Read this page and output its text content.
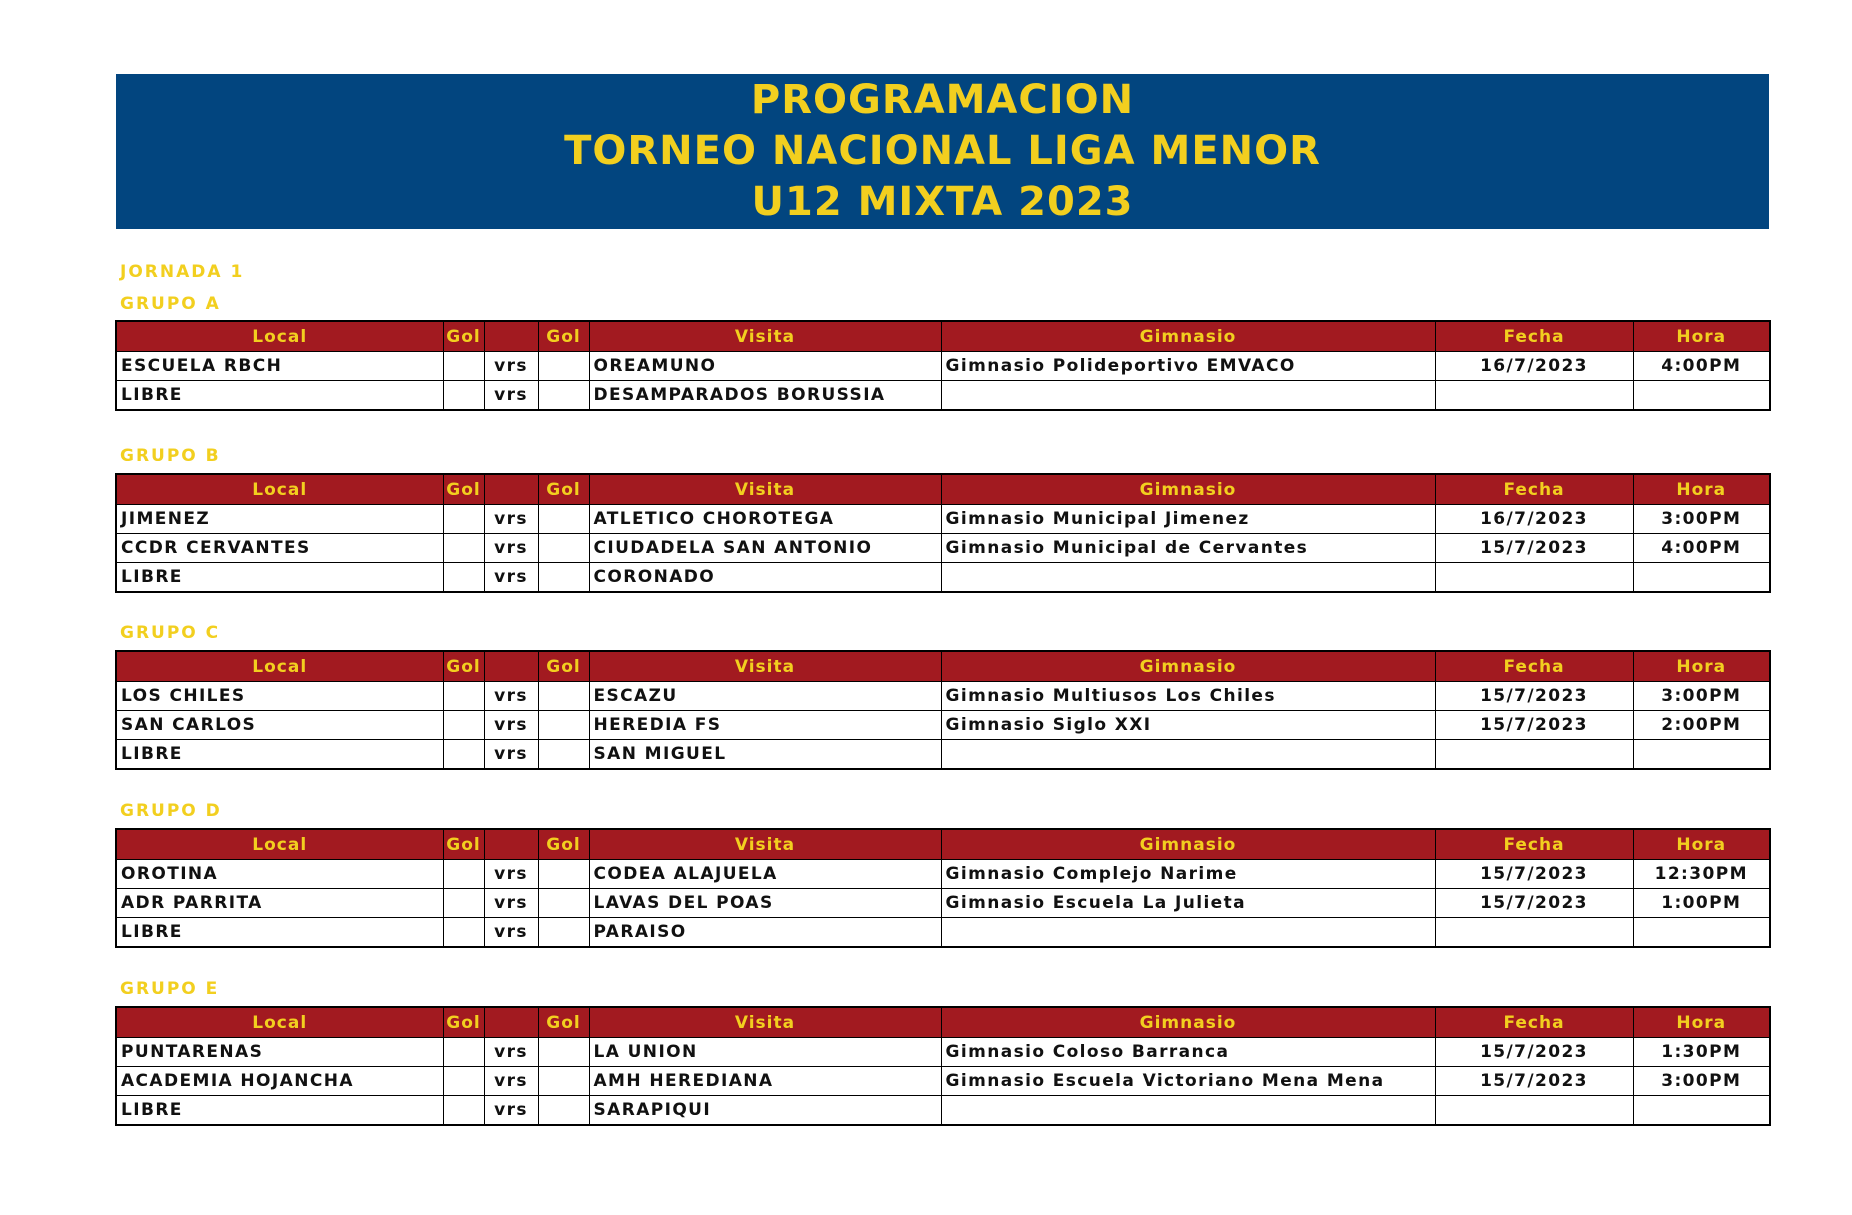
PROGRAMACION
TORNEO NACIONAL LIGA MENOR
U12 MIXTA 2023
JORNADA 1
GRUPO A
Local	Gol		Gol	Visita	Gimnasio	Fecha	Hora
ESCUELA RBCH		vrs		OREAMUNO	Gimnasio Polideportivo EMVACO	16/7/2023	4:00PM
LIBRE		vrs		DESAMPARADOS BORUSSIA			
GRUPO B
Local	Gol		Gol	Visita	Gimnasio	Fecha	Hora
JIMENEZ		vrs		ATLETICO CHOROTEGA	Gimnasio Municipal Jimenez	16/7/2023	3:00PM
CCDR CERVANTES		vrs		CIUDADELA SAN ANTONIO	Gimnasio Municipal de Cervantes	15/7/2023	4:00PM
LIBRE		vrs		CORONADO			
GRUPO C
Local	Gol		Gol	Visita	Gimnasio	Fecha	Hora
LOS CHILES		vrs		ESCAZU	Gimnasio Multiusos Los Chiles	15/7/2023	3:00PM
SAN CARLOS		vrs		HEREDIA FS	Gimnasio Siglo XXI	15/7/2023	2:00PM
LIBRE		vrs		SAN MIGUEL			
GRUPO D
Local	Gol		Gol	Visita	Gimnasio	Fecha	Hora
OROTINA		vrs		CODEA ALAJUELA	Gimnasio Complejo Narime	15/7/2023	12:30PM
ADR PARRITA		vrs		LAVAS DEL POAS	Gimnasio Escuela La Julieta	15/7/2023	1:00PM
LIBRE		vrs		PARAISO			
GRUPO E
Local	Gol		Gol	Visita	Gimnasio	Fecha	Hora
PUNTARENAS		vrs		LA UNION	Gimnasio Coloso Barranca	15/7/2023	1:30PM
ACADEMIA HOJANCHA		vrs		AMH HEREDIANA	Gimnasio Escuela Victoriano Mena Mena	15/7/2023	3:00PM
LIBRE		vrs		SARAPIQUI			
